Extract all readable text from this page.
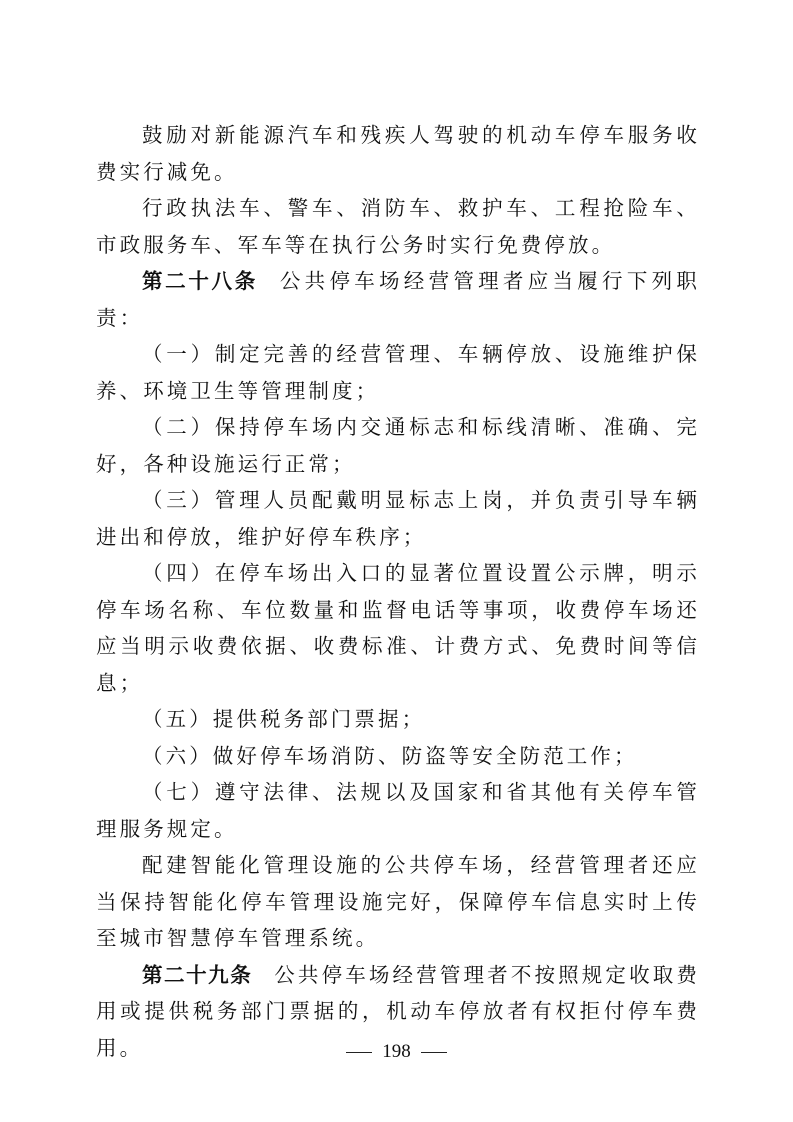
鼓励对新能源汽车和残疾人驾驶的机动车停车服务收费实行减免。

行政执法车、警车、消防车、救护车、工程抢险车、市政服务车、军车等在执行公务时实行免费停放。

第二十八条 公共停车场经营管理者应当履行下列职责：

（一）制定完善的经营管理、车辆停放、设施维护保养、环境卫生等管理制度；

（二）保持停车场内交通标志和标线清晰、准确、完好，各种设施运行正常；

（三）管理人员配戴明显标志上岗，并负责引导车辆进出和停放，维护好停车秩序；

（四）在停车场出入口的显著位置设置公示牌，明示停车场名称、车位数量和监督电话等事项，收费停车场还应当明示收费依据、收费标准、计费方式、免费时间等信息；

（五）提供税务部门票据；

（六）做好停车场消防、防盗等安全防范工作；

（七）遵守法律、法规以及国家和省其他有关停车管理服务规定。

配建智能化管理设施的公共停车场，经营管理者还应当保持智能化停车管理设施完好，保障停车信息实时上传至城市智慧停车管理系统。

第二十九条 公共停车场经营管理者不按照规定收取费用或提供税务部门票据的，机动车停放者有权拒付停车费用。	198
